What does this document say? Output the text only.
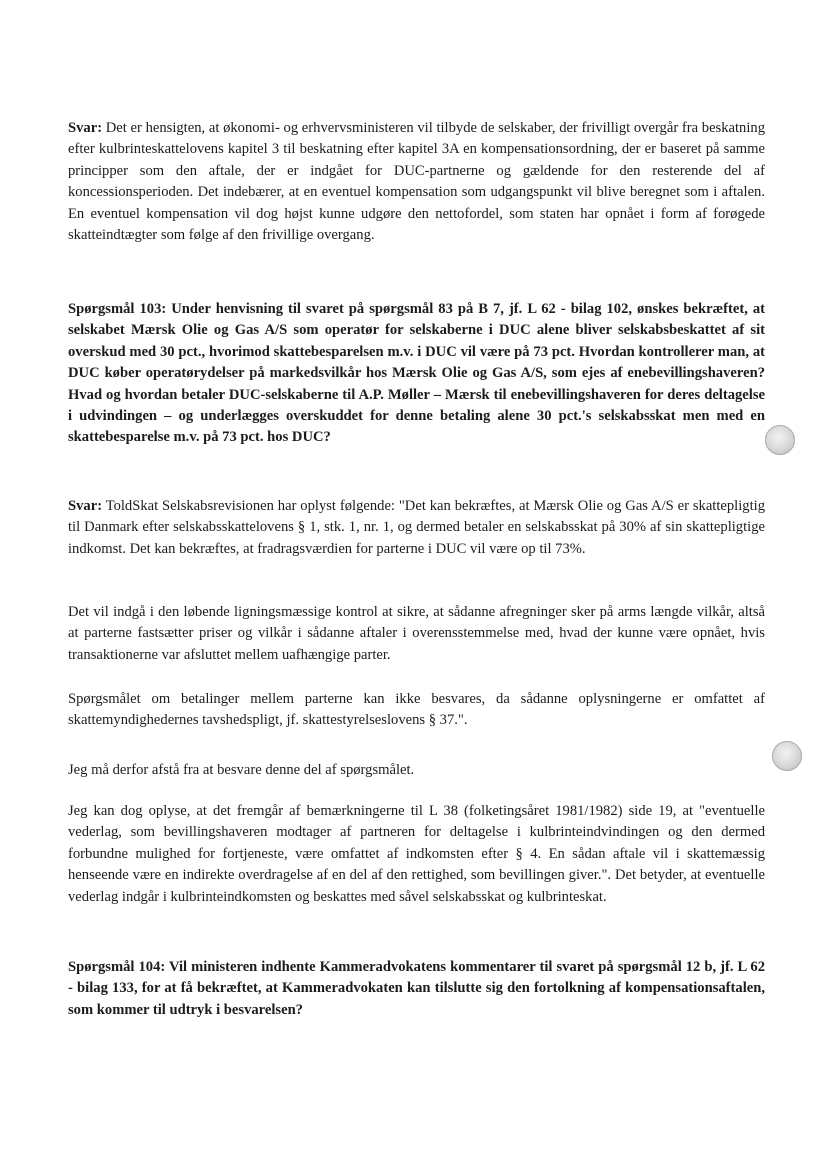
Svar: Det er hensigten, at økonomi- og erhvervsministeren vil tilbyde de selskaber, der frivilligt overgår fra beskatning efter kulbrinteskattelovens kapitel 3 til beskatning efter kapitel 3A en kompensationsordning, der er baseret på samme principper som den aftale, der er indgået for DUC-partnerne og gældende for den resterende del af koncessionsperioden. Det indebærer, at en eventuel kompensation som udgangspunkt vil blive beregnet som i aftalen. En eventuel kompensation vil dog højst kunne udgøre den nettofordel, som staten har opnået i form af forøgede skatteindtægter som følge af den frivillige overgang.

Spørgsmål 103: Under henvisning til svaret på spørgsmål 83 på B 7, jf. L 62 - bilag 102, ønskes bekræftet, at selskabet Mærsk Olie og Gas A/S som operatør for selskaberne i DUC alene bliver selskabsbeskattet af sit overskud med 30 pct., hvorimod skattebesparelsen m.v. i DUC vil være på 73 pct. Hvordan kontrollerer man, at DUC køber operatørydelser på markedsvilkår hos Mærsk Olie og Gas A/S, som ejes af enebevillingshaveren? Hvad og hvordan betaler DUC-selskaberne til A.P. Møller – Mærsk til enebevillingshaveren for deres deltagelse i udvindingen – og underlægges overskuddet for denne betaling alene 30 pct.'s selskabsskat men med en skattebesparelse m.v. på 73 pct. hos DUC?

Svar: ToldSkat Selskabsrevisionen har oplyst følgende: "Det kan bekræftes, at Mærsk Olie og Gas A/S er skattepligtig til Danmark efter selskabsskattelovens § 1, stk. 1, nr. 1, og dermed betaler en selskabsskat på 30% af sin skattepligtige indkomst. Det kan bekræftes, at fradragsværdien for parterne i DUC vil være op til 73%.

Det vil indgå i den løbende ligningsmæssige kontrol at sikre, at sådanne afregninger sker på arms længde vilkår, altså at parterne fastsætter priser og vilkår i sådanne aftaler i overensstemmelse med, hvad der kunne være opnået, hvis transaktionerne var afsluttet mellem uafhængige parter.

Spørgsmålet om betalinger mellem parterne kan ikke besvares, da sådanne oplysningerne er omfattet af skattemyndighedernes tavshedspligt, jf. skattestyrelseslovens § 37.".

Jeg må derfor afstå fra at besvare denne del af spørgsmålet.

Jeg kan dog oplyse, at det fremgår af bemærkningerne til L 38 (folketingsåret 1981/1982) side 19, at "eventuelle vederlag, som bevillingshaveren modtager af partneren for deltagelse i kulbrinteindvindingen og den dermed forbundne mulighed for fortjeneste, være omfattet af indkomsten efter § 4. En sådan aftale vil i skattemæssig henseende være en indirekte overdragelse af en del af den rettighed, som bevillingen giver.". Det betyder, at eventuelle vederlag indgår i kulbrinteindkomsten og beskattes med såvel selskabsskat og kulbrinteskat.

Spørgsmål 104: Vil ministeren indhente Kammeradvokatens kommentarer til svaret på spørgsmål 12 b, jf. L 62 - bilag 133, for at få bekræftet, at Kammeradvokaten kan tilslutte sig den fortolkning af kompensationsaftalen, som kommer til udtryk i besvarelsen?
